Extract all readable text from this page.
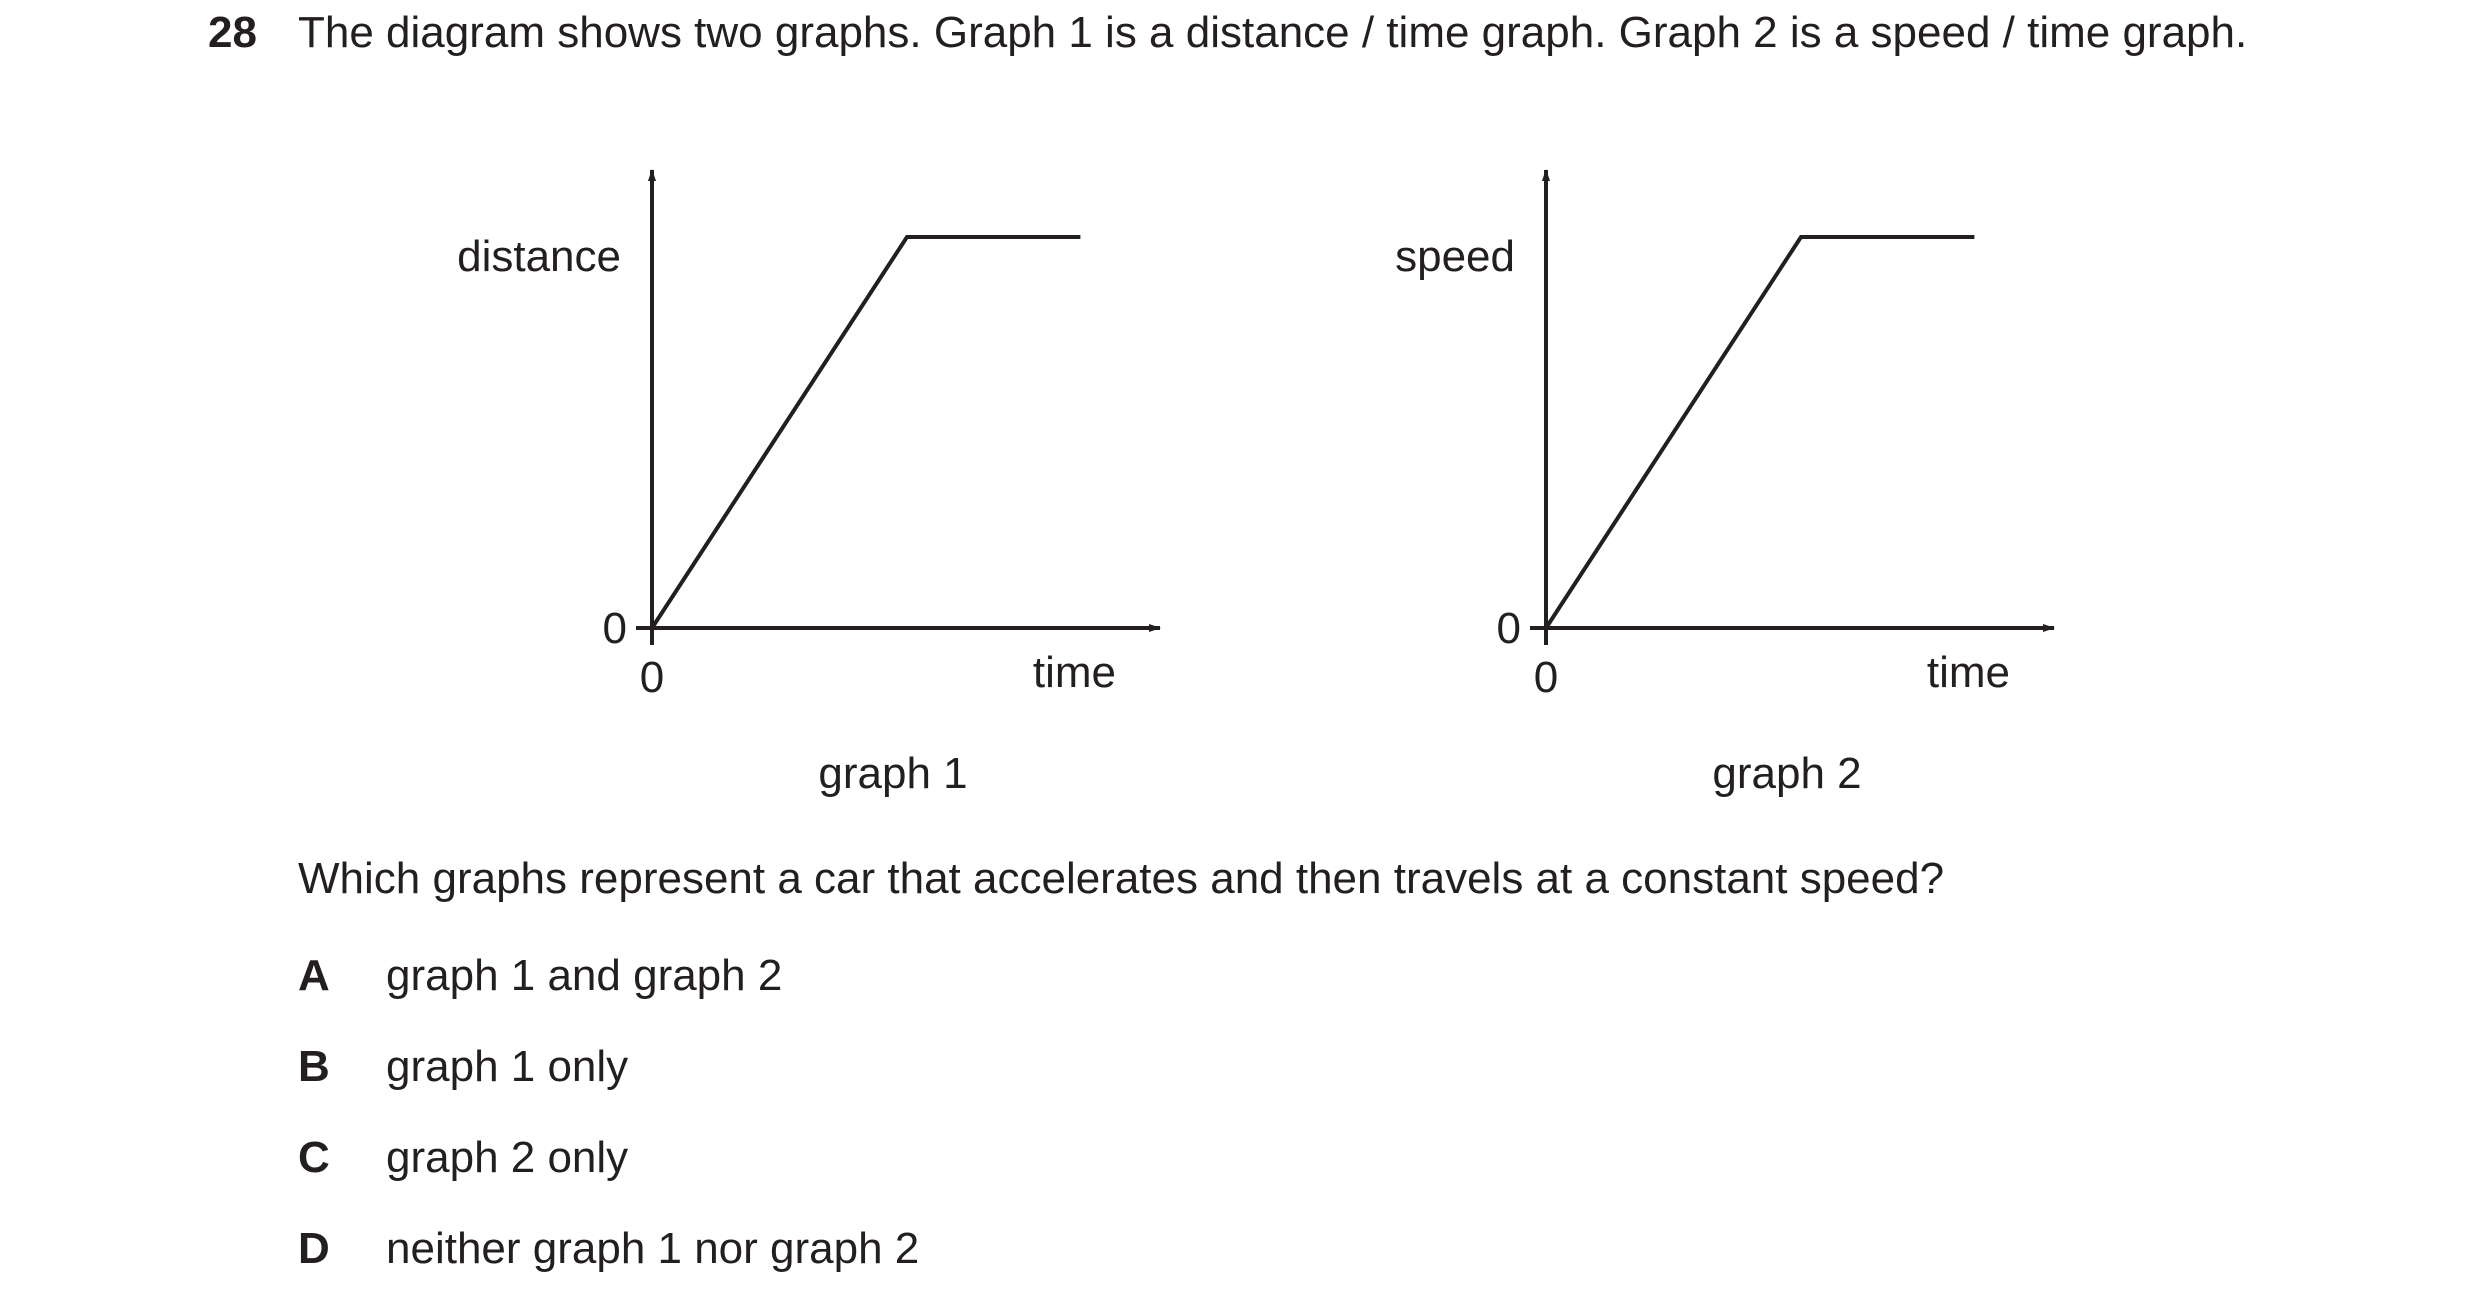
28 The diagram shows two graphs. Graph 1 is a distance / time graph. Graph 2 is a speed / time graph.
distance
0
0	time
graph 1
speed
0
0	time
graph 2
Which graphs represent a car that accelerates and then travels at a constant speed?
A graph 1 and graph 2
B graph 1 only
C graph 2 only
D neither graph 1 nor graph 2
